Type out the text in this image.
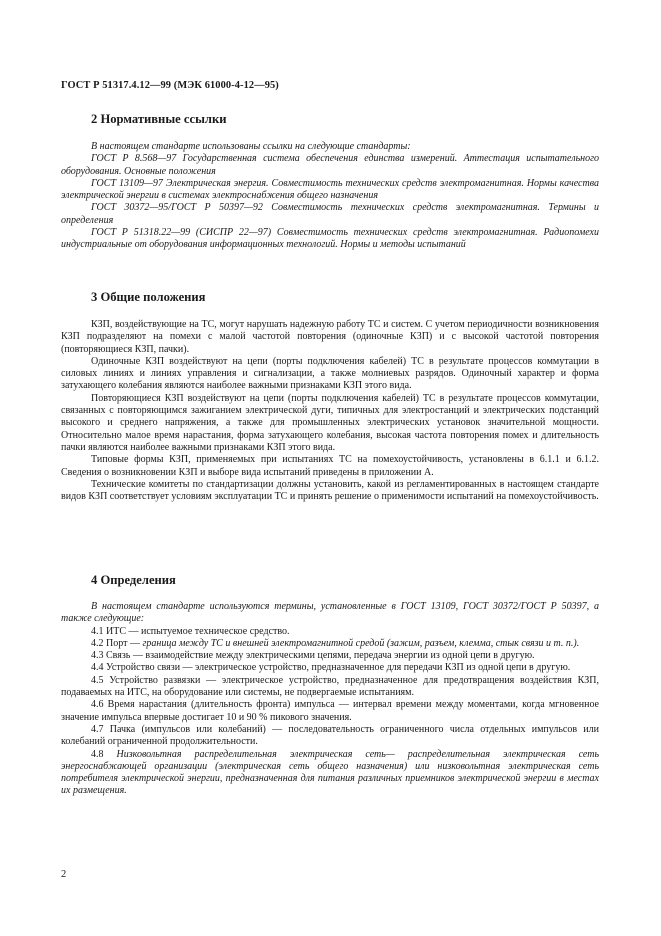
ГОСТ Р 51317.4.12—99 (МЭК 61000-4-12—95)
2 Нормативные ссылки

В настоящем стандарте использованы ссылки на следующие стандарты:

ГОСТ Р 8.568—97 Государственная система обеспечения единства измерений. Аттестация испытательного оборудования. Основные положения

ГОСТ 13109—97 Электрическая энергия. Совместимость технических средств электромагнитная. Нормы качества электрической энергии в системах электроснабжения общего назначения

ГОСТ 30372—95/ГОСТ Р 50397—92 Совместимость технических средств электромагнитная. Термины и определения

ГОСТ Р 51318.22—99 (СИСПР 22—97) Совместимость технических средств электромагнитная. Радиопомехи индустриальные от оборудования информационных технологий. Нормы и методы испытаний

3 Общие положения

КЗП, воздействующие на ТС, могут нарушать надежную работу ТС и систем. С учетом периодичности возникновения КЗП подразделяют на помехи с малой частотой повторения (одиночные КЗП) и с высокой частотой повторения (повторяющиеся КЗП, пачки).

Одиночные КЗП воздействуют на цепи (порты подключения кабелей) ТС в результате процессов коммутации в силовых линиях и линиях управления и сигнализации, а также молниевых разрядов. Одиночный характер и форма затухающего колебания являются наиболее важными признаками КЗП этого вида.

Повторяющиеся КЗП воздействуют на цепи (порты подключения кабелей) ТС в результате процессов коммутации, связанных с повторяющимся зажиганием электрической дуги, типичных для электростанций и электрических подстанций высокого и среднего напряжения, а также для промышленных электрических установок значительной мощности. Относительно малое время нарастания, форма затухающего колебания, высокая частота повторения помех и длительность пачки являются наиболее важными признаками КЗП этого вида.

Типовые формы КЗП, применяемых при испытаниях ТС на помехоустойчивость, установлены в 6.1.1 и 6.1.2. Сведения о возникновении КЗП и выборе вида испытаний приведены в приложении А.

Технические комитеты по стандартизации должны установить, какой из регламентированных в настоящем стандарте видов КЗП соответствует условиям эксплуатации ТС и принять решение о применимости испытаний на помехоустойчивость.

4 Определения

В настоящем стандарте используются термины, установленные в ГОСТ 13109, ГОСТ 30372/ГОСТ Р 50397, а также следующие:

4.1 ИТС — испытуемое техническое средство.

4.2 Порт — граница между ТС и внешней электромагнитной средой (зажим, разъем, клемма, стык связи и т. п.).

4.3 Связь — взаимодействие между электрическими цепями, передача энергии из одной цепи в другую.

4.4 Устройство связи — электрическое устройство, предназначенное для передачи КЗП из одной цепи в другую.

4.5 Устройство развязки — электрическое устройство, предназначенное для предотвращения воздействия КЗП, подаваемых на ИТС, на оборудование или системы, не подвергаемые испытаниям.

4.6 Время нарастания (длительность фронта) импульса — интервал времени между моментами, когда мгновенное значение импульса впервые достигает 10 и 90 % пикового значения.

4.7 Пачка (импульсов или колебаний) — последовательность ограниченного числа отдельных импульсов или колебаний ограниченной продолжительности.

4.8 Низковольтная распределительная электрическая сеть— распределительная электрическая сеть энергоснабжающей организации (электрическая сеть общего назначения) или низковольтная электрическая сеть потребителя электрической энергии, предназначенная для питания различных приемников электрической энергии в местах их размещения.

2
